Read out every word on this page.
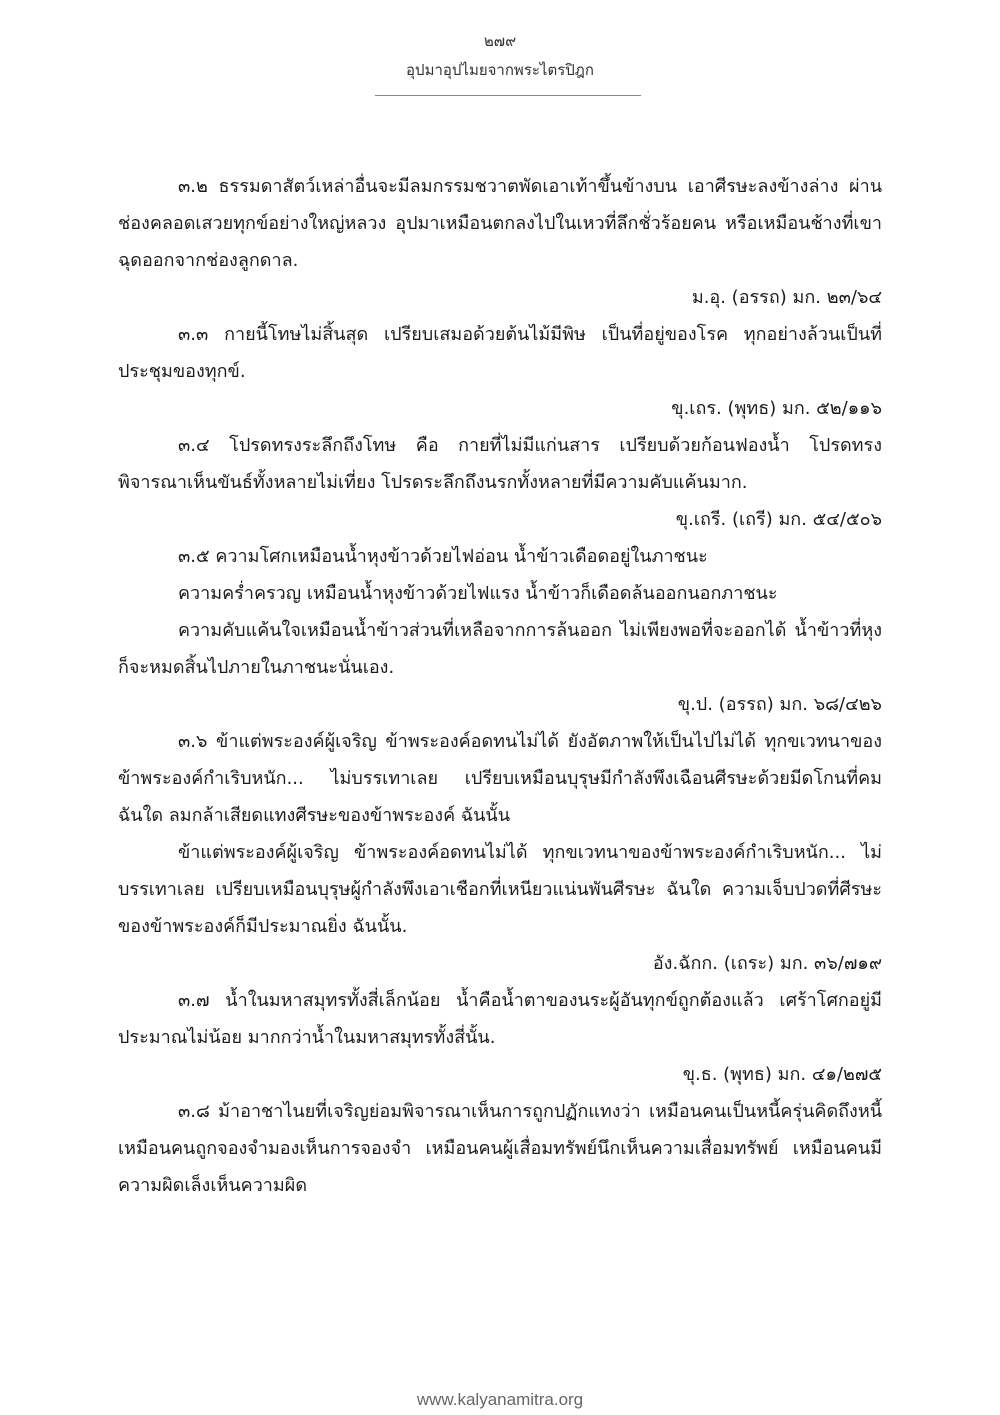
๒๗๙
อุปมาอุปไมยจากพระไตรปิฎก

๓.๒ ธรรมดาสัตว์เหล่าอื่นจะมีลมกรรมชวาตพัดเอาเท้าขึ้นข้างบน เอาศีรษะลงข้างล่าง ผ่านช่องคลอดเสวยทุกข์อย่างใหญ่หลวง อุปมาเหมือนตกลงไปในเหวที่ลึกชั่วร้อยคน หรือเหมือนช้างที่เขาฉุดออกจากช่องลูกดาล.

ม.อุ. (อรรถ) มก. ๒๓/๖๔

๓.๓ กายนี้โทษไม่สิ้นสุด เปรียบเสมอด้วยต้นไม้มีพิษ เป็นที่อยู่ของโรค ทุกอย่างล้วนเป็นที่ประชุมของทุกข์.

ขุ.เถร. (พุทธ) มก. ๕๒/๑๑๖

๓.๔ โปรดทรงระลึกถึงโทษ คือ กายที่ไม่มีแก่นสาร เปรียบด้วยก้อนฟองน้ำ โปรดทรงพิจารณาเห็นขันธ์ทั้งหลายไม่เที่ยง โปรดระลึกถึงนรกทั้งหลายที่มีความคับแค้นมาก.

ขุ.เถรี. (เถรี) มก. ๕๔/๕๐๖

๓.๕ ความโศกเหมือนน้ำหุงข้าวด้วยไฟอ่อน น้ำข้าวเดือดอยู่ในภาชนะ

ความคร่ำครวญ เหมือนน้ำหุงข้าวด้วยไฟแรง น้ำข้าวก็เดือดล้นออกนอกภาชนะ

ความคับแค้นใจเหมือนน้ำข้าวส่วนที่เหลือจากการล้นออก ไม่เพียงพอที่จะออกได้ น้ำข้าวที่หุงก็จะหมดสิ้นไปภายในภาชนะนั่นเอง.

ขุ.ป. (อรรถ) มก. ๖๘/๔๒๖

๓.๖ ข้าแต่พระองค์ผู้เจริญ ข้าพระองค์อดทนไม่ได้ ยังอัตภาพให้เป็นไปไม่ได้ ทุกขเวทนาของข้าพระองค์กำเริบหนัก... ไม่บรรเทาเลย เปรียบเหมือนบุรุษมีกำลังพึงเฉือนศีรษะด้วยมีดโกนที่คม ฉันใด ลมกล้าเสียดแทงศีรษะของข้าพระองค์ ฉันนั้น

ข้าแต่พระองค์ผู้เจริญ ข้าพระองค์อดทนไม่ได้ ทุกขเวทนาของข้าพระองค์กำเริบหนัก... ไม่บรรเทาเลย เปรียบเหมือนบุรุษผู้กำลังพึงเอาเชือกที่เหนียวแน่นพันศีรษะ ฉันใด ความเจ็บปวดที่ศีรษะของข้าพระองค์ก็มีประมาณยิ่ง ฉันนั้น.

อัง.ฉักก. (เถระ) มก. ๓๖/๗๑๙

๓.๗ น้ำในมหาสมุทรทั้งสี่เล็กน้อย น้ำคือน้ำตาของนระผู้อันทุกข์ถูกต้องแล้ว เศร้าโศกอยู่มีประมาณไม่น้อย มากกว่าน้ำในมหาสมุทรทั้งสี่นั้น.

ขุ.ธ. (พุทธ) มก. ๔๑/๒๗๕

๓.๘ ม้าอาชาไนยที่เจริญย่อมพิจารณาเห็นการถูกปฏักแทงว่า เหมือนคนเป็นหนี้ครุ่นคิดถึงหนี้ เหมือนคนถูกจองจำมองเห็นการจองจำ เหมือนคนผู้เสื่อมทรัพย์นึกเห็นความเสื่อมทรัพย์ เหมือนคนมีความผิดเล็งเห็นความผิด

www.kalyanamitra.org
